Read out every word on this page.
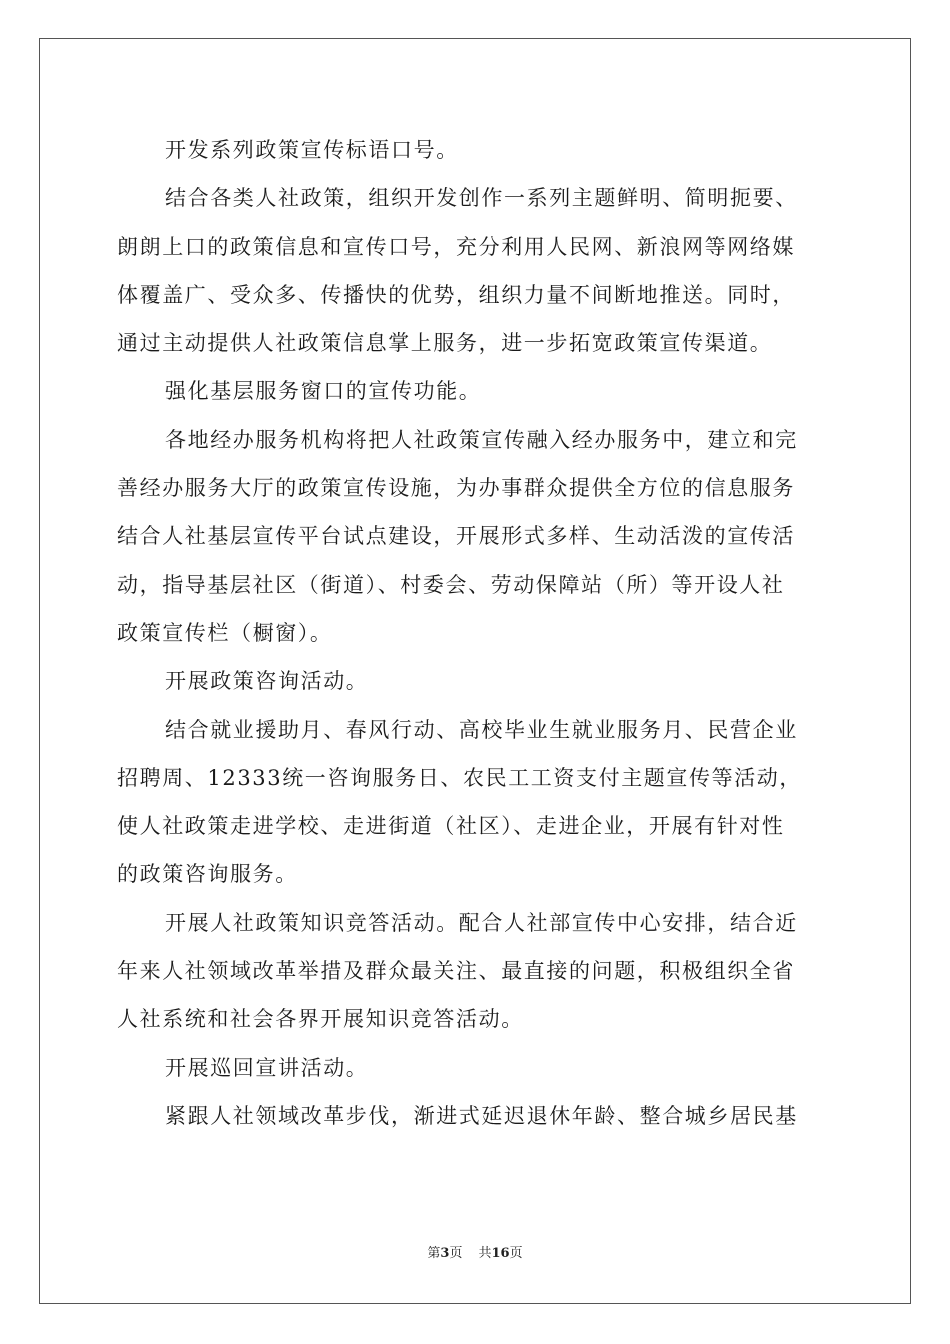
开发系列政策宣传标语口号。
结合各类人社政策，组织开发创作一系列主题鲜明、简明扼要、
朗朗上口的政策信息和宣传口号，充分利用人民网、新浪网等网络媒
体覆盖广、受众多、传播快的优势，组织力量不间断地推送。同时，
通过主动提供人社政策信息掌上服务，进一步拓宽政策宣传渠道。
强化基层服务窗口的宣传功能。
各地经办服务机构将把人社政策宣传融入经办服务中，建立和完
善经办服务大厅的政策宣传设施，为办事群众提供全方位的信息服务
结合人社基层宣传平台试点建设，开展形式多样、生动活泼的宣传活
动，指导基层社区（街道）、村委会、劳动保障站（所）等开设人社
政策宣传栏（橱窗）。
开展政策咨询活动。
结合就业援助月、春风行动、高校毕业生就业服务月、民营企业
招聘周、12333统一咨询服务日、农民工工资支付主题宣传等活动，
使人社政策走进学校、走进街道（社区）、走进企业，开展有针对性
的政策咨询服务。
开展人社政策知识竞答活动。配合人社部宣传中心安排，结合近
年来人社领域改革举措及群众最关注、最直接的问题，积极组织全省
人社系统和社会各界开展知识竞答活动。
开展巡回宣讲活动。
紧跟人社领域改革步伐，渐进式延迟退休年龄、整合城乡居民基
第3页 共16页
